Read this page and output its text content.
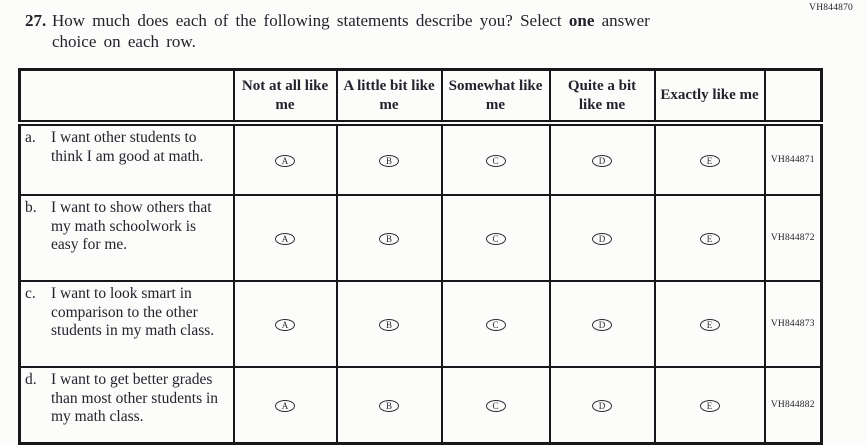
VH844870
27. How much does each of the following statements describe you? Select one answer
choice on each row.
	Not at all like me	A little bit like me	Somewhat like me	Quite a bit like me	Exactly like me	

a. I want other students to think I am good at math.	A	B	C	D	E	VH844871

b. I want to show others that my math schoolwork is easy for me.	A	B	C	D	E	VH844872

c. I want to look smart in comparison to the other students in my math class.	A	B	C	D	E	VH844873

d. I want to get better grades than most other students in my math class.	A	B	C	D	E	VH844882
